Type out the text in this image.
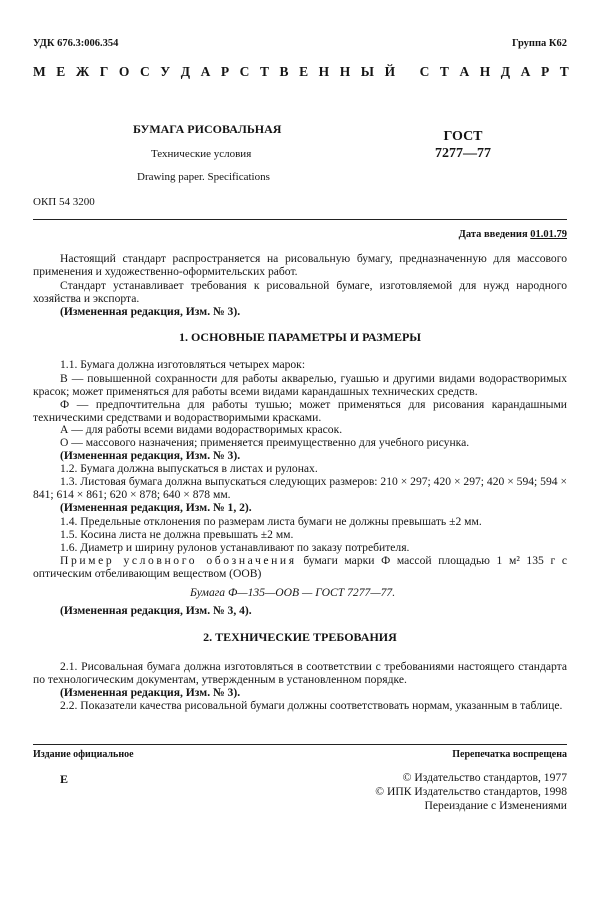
УДК 676.3:006.354	Группа К62
М Е Ж Г О С У Д А Р С Т В Е Н Н Ы Й
С Т А Н Д А Р Т
БУМАГА РИСОВАЛЬНАЯ
Технические условия
Drawing paper. Specifications
ГОСТ
7277—77
ОКП 54 3200
Дата введения 01.01.79
Настоящий стандарт распространяется на рисовальную бумагу, предназначенную для массового применения и художественно-оформительских работ.
Стандарт устанавливает требования к рисовальной бумаге, изготовляемой для нужд народного хозяйства и экспорта.
(Измененная редакция, Изм. № 3).
1. ОСНОВНЫЕ ПАРАМЕТРЫ И РАЗМЕРЫ
1.1. Бумага должна изготовляться четырех марок:
В — повышенной сохранности для работы акварелью, гуашью и другими видами водорастворимых красок; может применяться для работы всеми видами карандашных технических средств.
Ф — предпочтительна для работы тушью; может применяться для рисования карандашными техническими средствами и водорастворимыми красками.
А — для работы всеми видами водорастворимых красок.
О — массового назначения; применяется преимущественно для учебного рисунка.
(Измененная редакция, Изм. № 3).
1.2. Бумага должна выпускаться в листах и рулонах.
1.3. Листовая бумага должна выпускаться следующих размеров: 210 × 297; 420 × 297; 420 × 594; 594 × 841; 614 × 861; 620 × 878; 640 × 878 мм.
(Измененная редакция, Изм. № 1, 2).
1.4. Предельные отклонения по размерам листа бумаги не должны превышать ±2 мм.
1.5. Косина листа не должна превышать ±2 мм.
1.6. Диаметр и ширину рулонов устанавливают по заказу потребителя.
Пример условного обозначения бумаги марки Ф массой площадью 1 м² 135 г с оптическим отбеливающим веществом (ООВ)
Бумага Ф—135—ООВ — ГОСТ 7277—77.
(Измененная редакция, Изм. № 3, 4).
2. ТЕХНИЧЕСКИЕ ТРЕБОВАНИЯ
2.1. Рисовальная бумага должна изготовляться в соответствии с требованиями настоящего стандарта по технологическим документам, утвержденным в установленном порядке.
(Измененная редакция, Изм. № 3).
2.2. Показатели качества рисовальной бумаги должны соответствовать нормам, указанным в таблице.
Издание официальное	Перепечатка воспрещена
Е	© Издательство стандартов, 1977
© ИПК Издательство стандартов, 1998
Переиздание с Изменениями
